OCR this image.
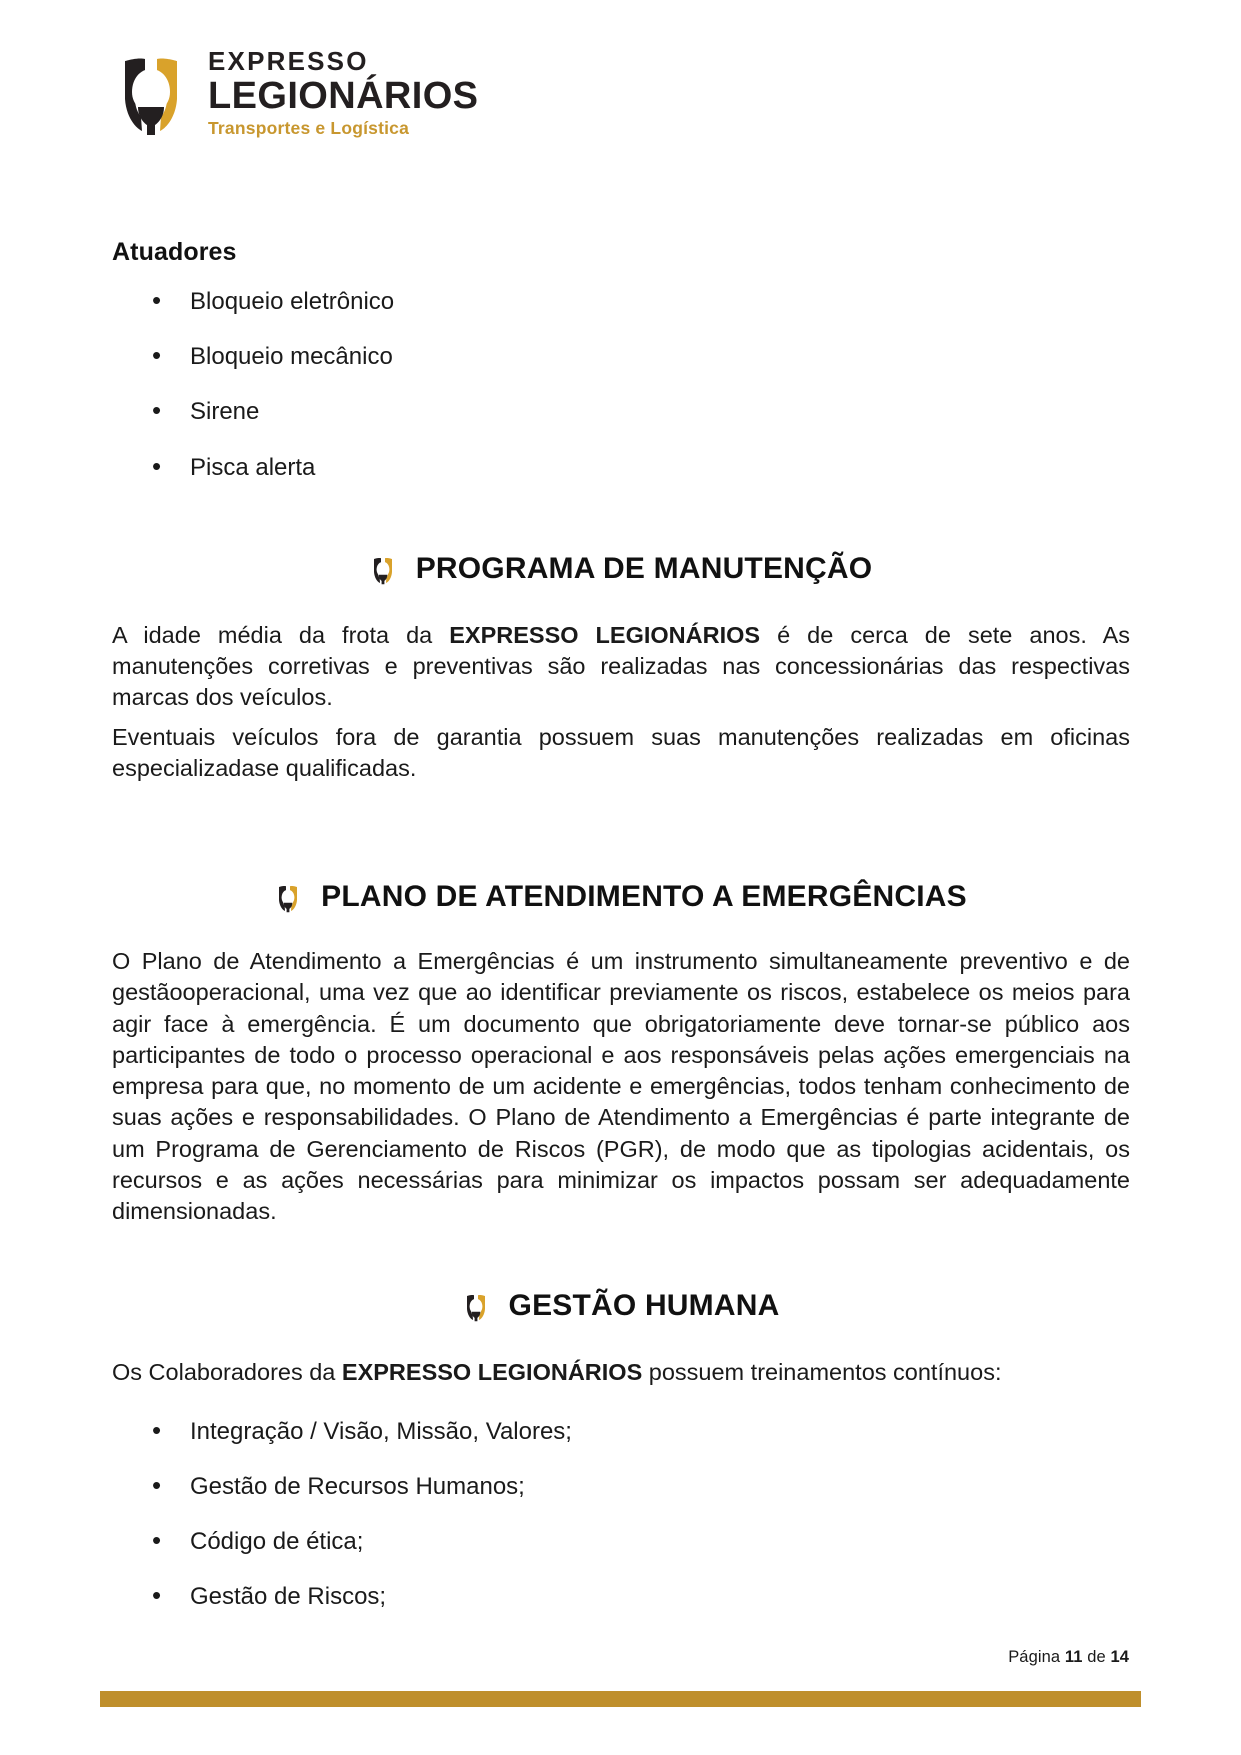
EXPRESSO
LEGIONÁRIOS
Transportes e Logística
Atuadores
• Bloqueio eletrônico
• Bloqueio mecânico
• Sirene
• Pisca alerta
PROGRAMA DE MANUTENÇÃO

A idade média da frota da EXPRESSO LEGIONÁRIOS é de cerca de sete anos. As manutenções corretivas e preventivas são realizadas nas concessionárias das respectivas marcas dos veículos.

Eventuais veículos fora de garantia possuem suas manutenções realizadas em oficinas especializadase qualificadas.

PLANO DE ATENDIMENTO A EMERGÊNCIAS

O Plano de Atendimento a Emergências é um instrumento simultaneamente preventivo e de gestãooperacional, uma vez que ao identificar previamente os riscos, estabelece os meios para agir face à emergência. É um documento que obrigatoriamente deve tornar-se público aos participantes de todo o processo operacional e aos responsáveis pelas ações emergenciais na empresa para que, no momento de um acidente e emergências, todos tenham conhecimento de suas ações e responsabilidades. O Plano de Atendimento a Emergências é parte integrante de um Programa de Gerenciamento de Riscos (PGR), de modo que as tipologias acidentais, os recursos e as ações necessárias para minimizar os impactos possam ser adequadamente dimensionadas.

GESTÃO HUMANA

Os Colaboradores da EXPRESSO LEGIONÁRIOS possuem treinamentos contínuos:

• Integração / Visão, Missão, Valores;
• Gestão de Recursos Humanos;
• Código de ética;
• Gestão de Riscos;
Página 11 de 14
